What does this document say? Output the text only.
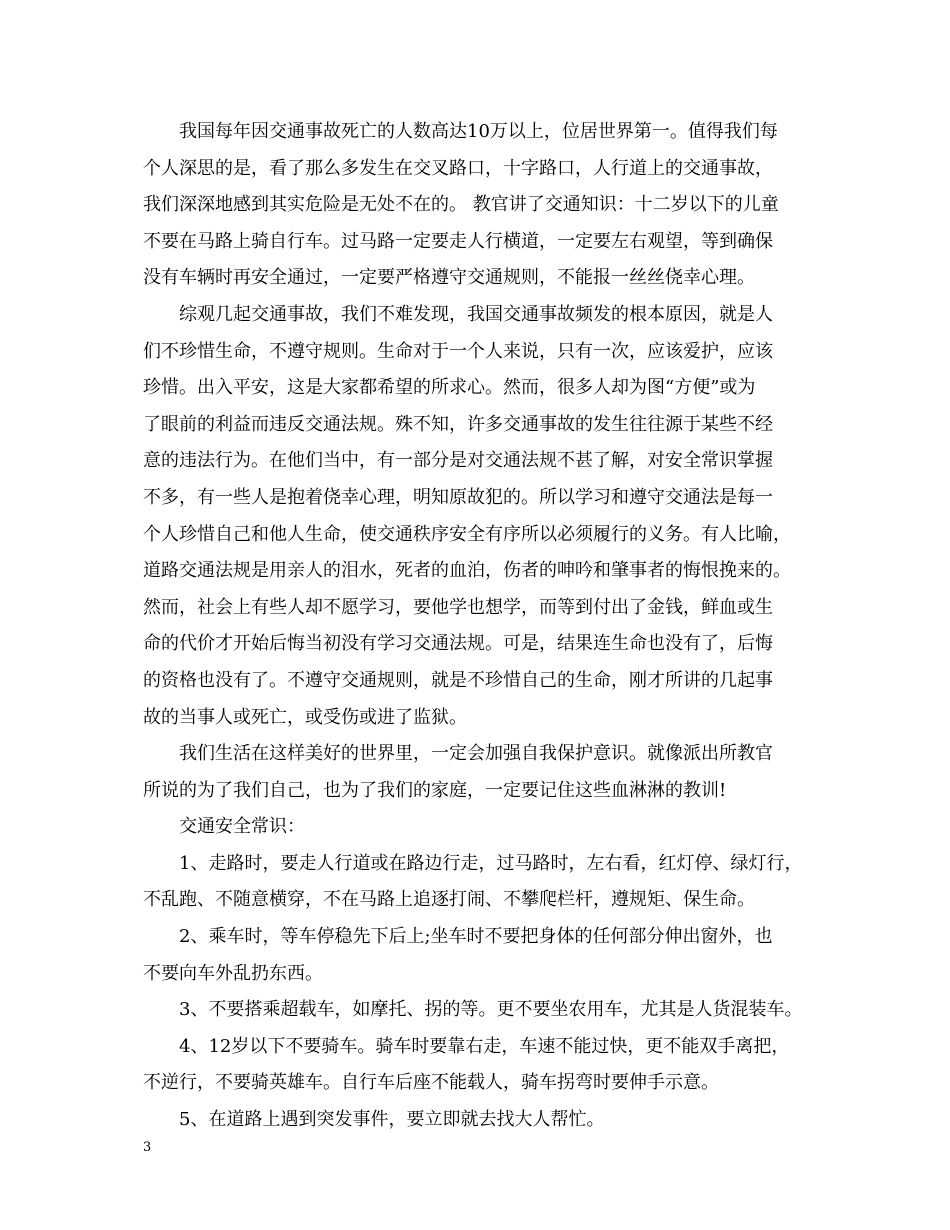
我国每年因交通事故死亡的人数高达10万以上，位居世界第一。值得我们每
个人深思的是，看了那么多发生在交叉路口，十字路口，人行道上的交通事故，
我们深深地感到其实危险是无处不在的。 教官讲了交通知识：十二岁以下的儿童
不要在马路上骑自行车。过马路一定要走人行横道，一定要左右观望，等到确保
没有车辆时再安全通过，一定要严格遵守交通规则，不能报一丝丝侥幸心理。
综观几起交通事故，我们不难发现，我国交通事故频发的根本原因，就是人
们不珍惜生命，不遵守规则。生命对于一个人来说，只有一次，应该爱护，应该
珍惜。出入平安，这是大家都希望的所求心。然而，很多人却为图“方便”或为
了眼前的利益而违反交通法规。殊不知，许多交通事故的发生往往源于某些不经
意的违法行为。在他们当中，有一部分是对交通法规不甚了解，对安全常识掌握
不多，有一些人是抱着侥幸心理，明知原故犯的。所以学习和遵守交通法是每一
个人珍惜自己和他人生命，使交通秩序安全有序所以必须履行的义务。有人比喻，
道路交通法规是用亲人的泪水，死者的血泊，伤者的呻吟和肇事者的悔恨挽来的。
然而，社会上有些人却不愿学习，要他学也想学，而等到付出了金钱，鲜血或生
命的代价才开始后悔当初没有学习交通法规。可是，结果连生命也没有了，后悔
的资格也没有了。不遵守交通规则，就是不珍惜自己的生命，刚才所讲的几起事
故的当事人或死亡，或受伤或进了监狱。
我们生活在这样美好的世界里，一定会加强自我保护意识。就像派出所教官
所说的为了我们自己，也为了我们的家庭，一定要记住这些血淋淋的教训!
交通安全常识：
1、走路时，要走人行道或在路边行走，过马路时，左右看，红灯停、绿灯行，
不乱跑、不随意横穿，不在马路上追逐打闹、不攀爬栏杆，遵规矩、保生命。
2、乘车时，等车停稳先下后上;坐车时不要把身体的任何部分伸出窗外，也
不要向车外乱扔东西。
3、不要搭乘超载车，如摩托、拐的等。更不要坐农用车，尤其是人货混装车。
4、12岁以下不要骑车。骑车时要靠右走，车速不能过快，更不能双手离把，
不逆行，不要骑英雄车。自行车后座不能载人，骑车拐弯时要伸手示意。
5、在道路上遇到突发事件，要立即就去找大人帮忙。
3
